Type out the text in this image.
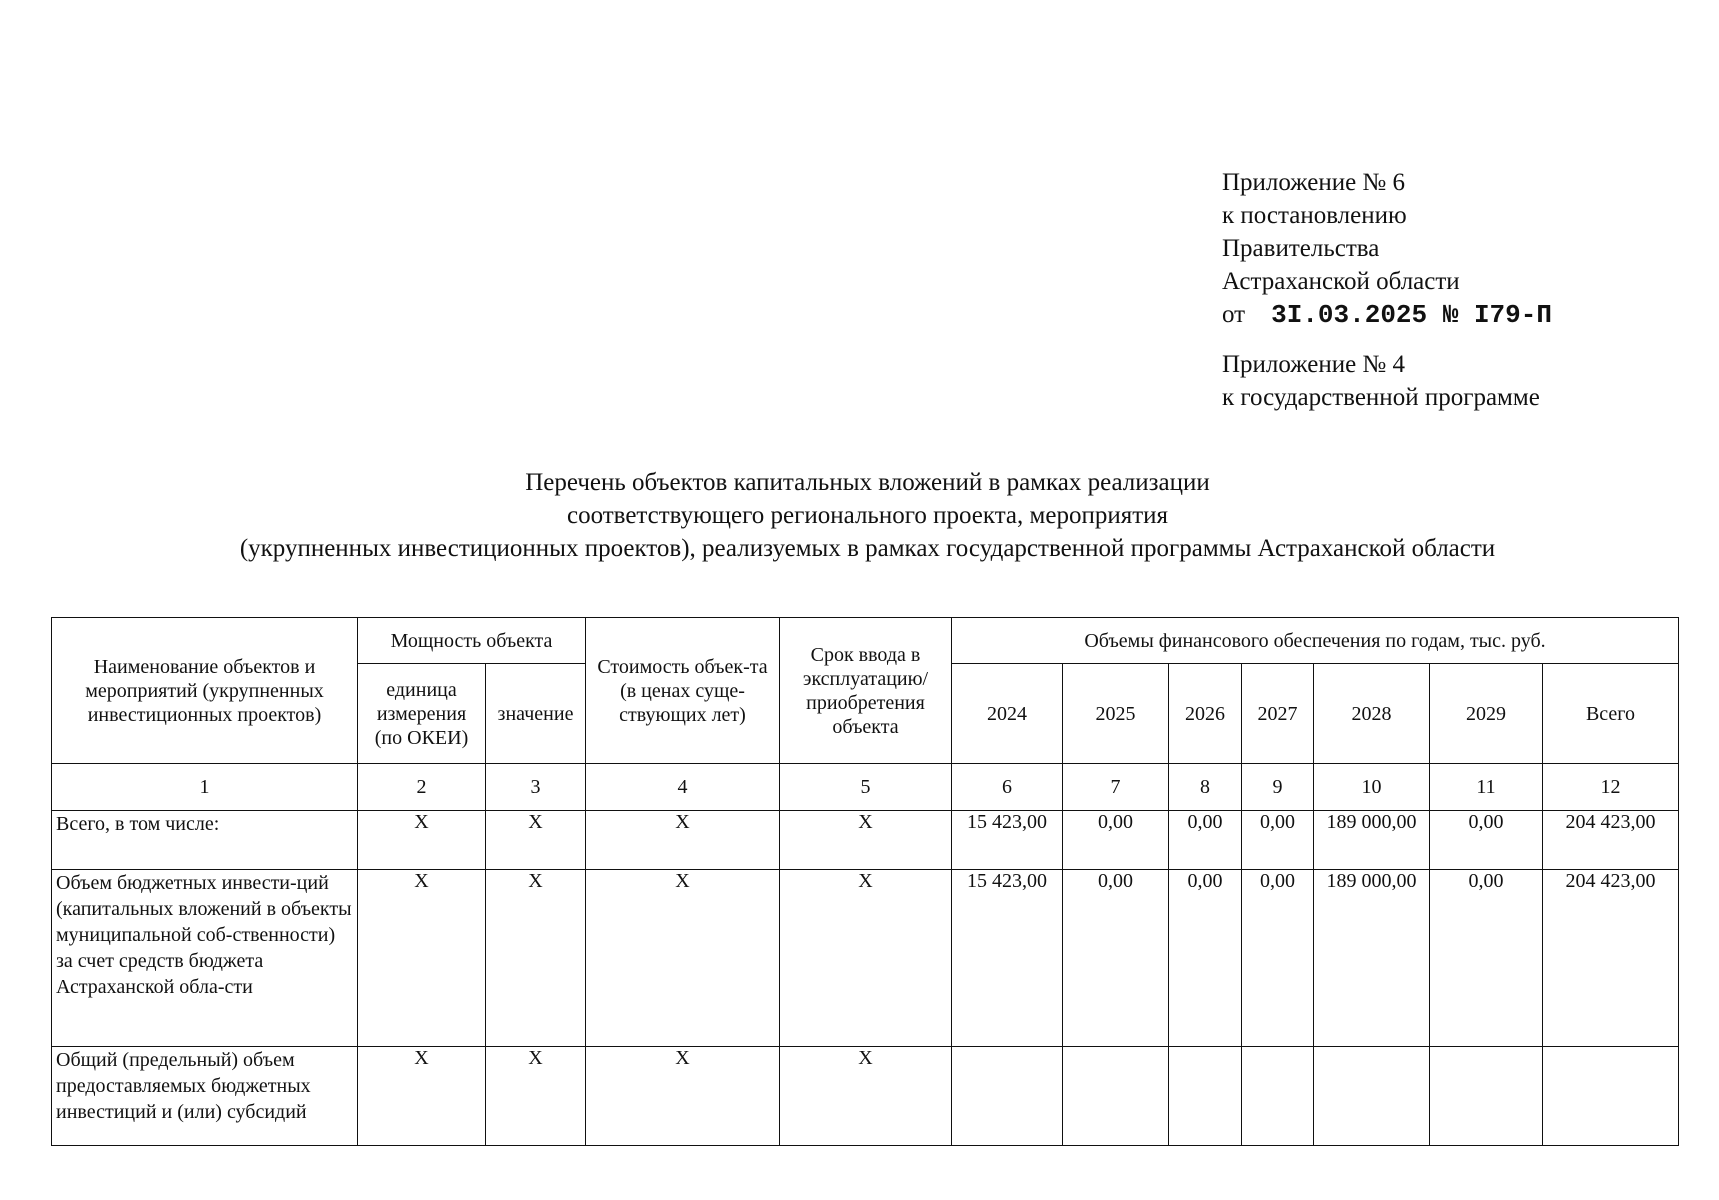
Приложение № 6
к постановлению
Правительства
Астраханской области
от 3I.03.2025 № I79-П
Приложение № 4
к государственной программе
Перечень объектов капитальных вложений в рамках реализации
соответствующего регионального проекта, мероприятия
(укрупненных инвестиционных проектов), реализуемых в рамках государственной программы Астраханской области
Наименование объектов и мероприятий (укрупненных инвестиционных проектов)	Мощность объекта		Стоимость объек-та (в ценах суще-ствующих лет)	Срок ввода в эксплуатацию/ приобретения объекта	Объемы финансового обеспечения по годам, тыс. руб.						
	единица измерения (по ОКЕИ)	значение			2024	2025	2026	2027	2028	2029	Всего
1	2	3	4	5	6	7	8	9	10	11	12
Всего, в том числе:	X	X	X	X	15 423,00	0,00	0,00	0,00	189 000,00	0,00	204 423,00
Объем бюджетных инвести-ций (капитальных вложений в объекты муниципальной соб-ственности) за счет средств бюджета Астраханской обла-сти	X	X	X	X	15 423,00	0,00	0,00	0,00	189 000,00	0,00	204 423,00
Общий (предельный) объем предоставляемых бюджетных инвестиций и (или) субсидий	X	X	X	X							
